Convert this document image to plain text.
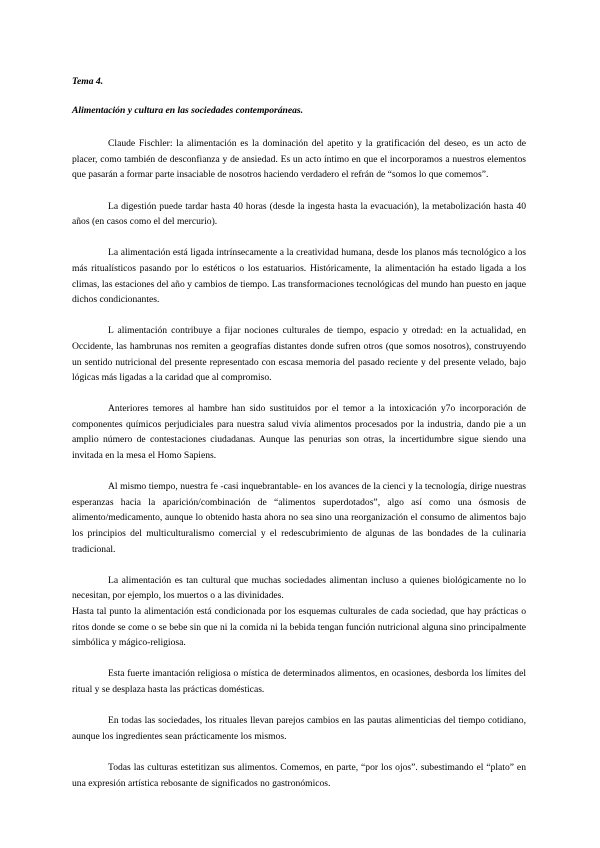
Tema 4.

Alimentación y cultura en las sociedades contemporáneas.

Claude Fischler: la alimentación es la dominación del apetito y la gratificación del deseo, es un acto de placer, como también de desconfianza y de ansiedad. Es un acto íntimo en que el incorporamos a nuestros elementos que pasarán a formar parte insaciable de nosotros haciendo verdadero el refrán de “somos lo que comemos”.

La digestión puede tardar hasta 40 horas (desde la ingesta hasta la evacuación), la metabolización hasta 40 años (en casos como el del mercurio).

La alimentación está ligada intrínsecamente a la creatividad humana, desde los planos más tecnológico a los más ritualísticos pasando por lo estéticos o los estatuarios. Históricamente, la alimentación ha estado ligada a los climas, las estaciones del año y cambios de tiempo. Las transformaciones tecnológicas del mundo han puesto en jaque dichos condicionantes.

L alimentación contribuye a fijar nociones culturales de tiempo, espacio y otredad: en la actualidad, en Occidente, las hambrunas nos remiten a geografías distantes donde sufren otros (que somos nosotros), construyendo un sentido nutricional del presente representado con escasa memoria del pasado reciente y del presente velado, bajo lógicas más ligadas a la caridad que al compromiso.

Anteriores temores al hambre han sido sustituidos por el temor a la intoxicación y7o incorporación de componentes químicos perjudiciales para nuestra salud vivía alimentos procesados por la industria, dando pie a un amplio número de contestaciones ciudadanas. Aunque las penurias son otras, la incertidumbre sigue siendo una invitada en la mesa el Homo Sapiens.

Al mismo tiempo, nuestra fe -casi inquebrantable- en los avances de la cienci y la tecnología, dirige nuestras esperanzas hacia la aparición/combinación de “alimentos superdotados”, algo así como una ósmosis de alimento/medicamento, aunque lo obtenido hasta ahora no sea sino una reorganización el consumo de alimentos bajo los principios del multiculturalismo comercial y el redescubrimiento de algunas de las bondades de la culinaria tradicional.

La alimentación es tan cultural que muchas sociedades alimentan incluso a quienes biológicamente no lo necesitan, por ejemplo, los muertos o a las divinidades.

Hasta tal punto la alimentación está condicionada por los esquemas culturales de cada sociedad, que hay prácticas o ritos donde se come o se bebe sin que ni la comida ni la bebida tengan función nutricional alguna sino principalmente simbólica y mágico-religiosa.

Esta fuerte imantación religiosa o mística de determinados alimentos, en ocasiones, desborda los límites del ritual y se desplaza hasta las prácticas domésticas.

En todas las sociedades, los rituales llevan parejos cambios en las pautas alimenticias del tiempo cotidiano, aunque los ingredientes sean prácticamente los mismos.

Todas las culturas estetitizan sus alimentos. Comemos, en parte, “por los ojos”. subestimando el “plato” en una expresión artística rebosante de significados no gastronómicos.
